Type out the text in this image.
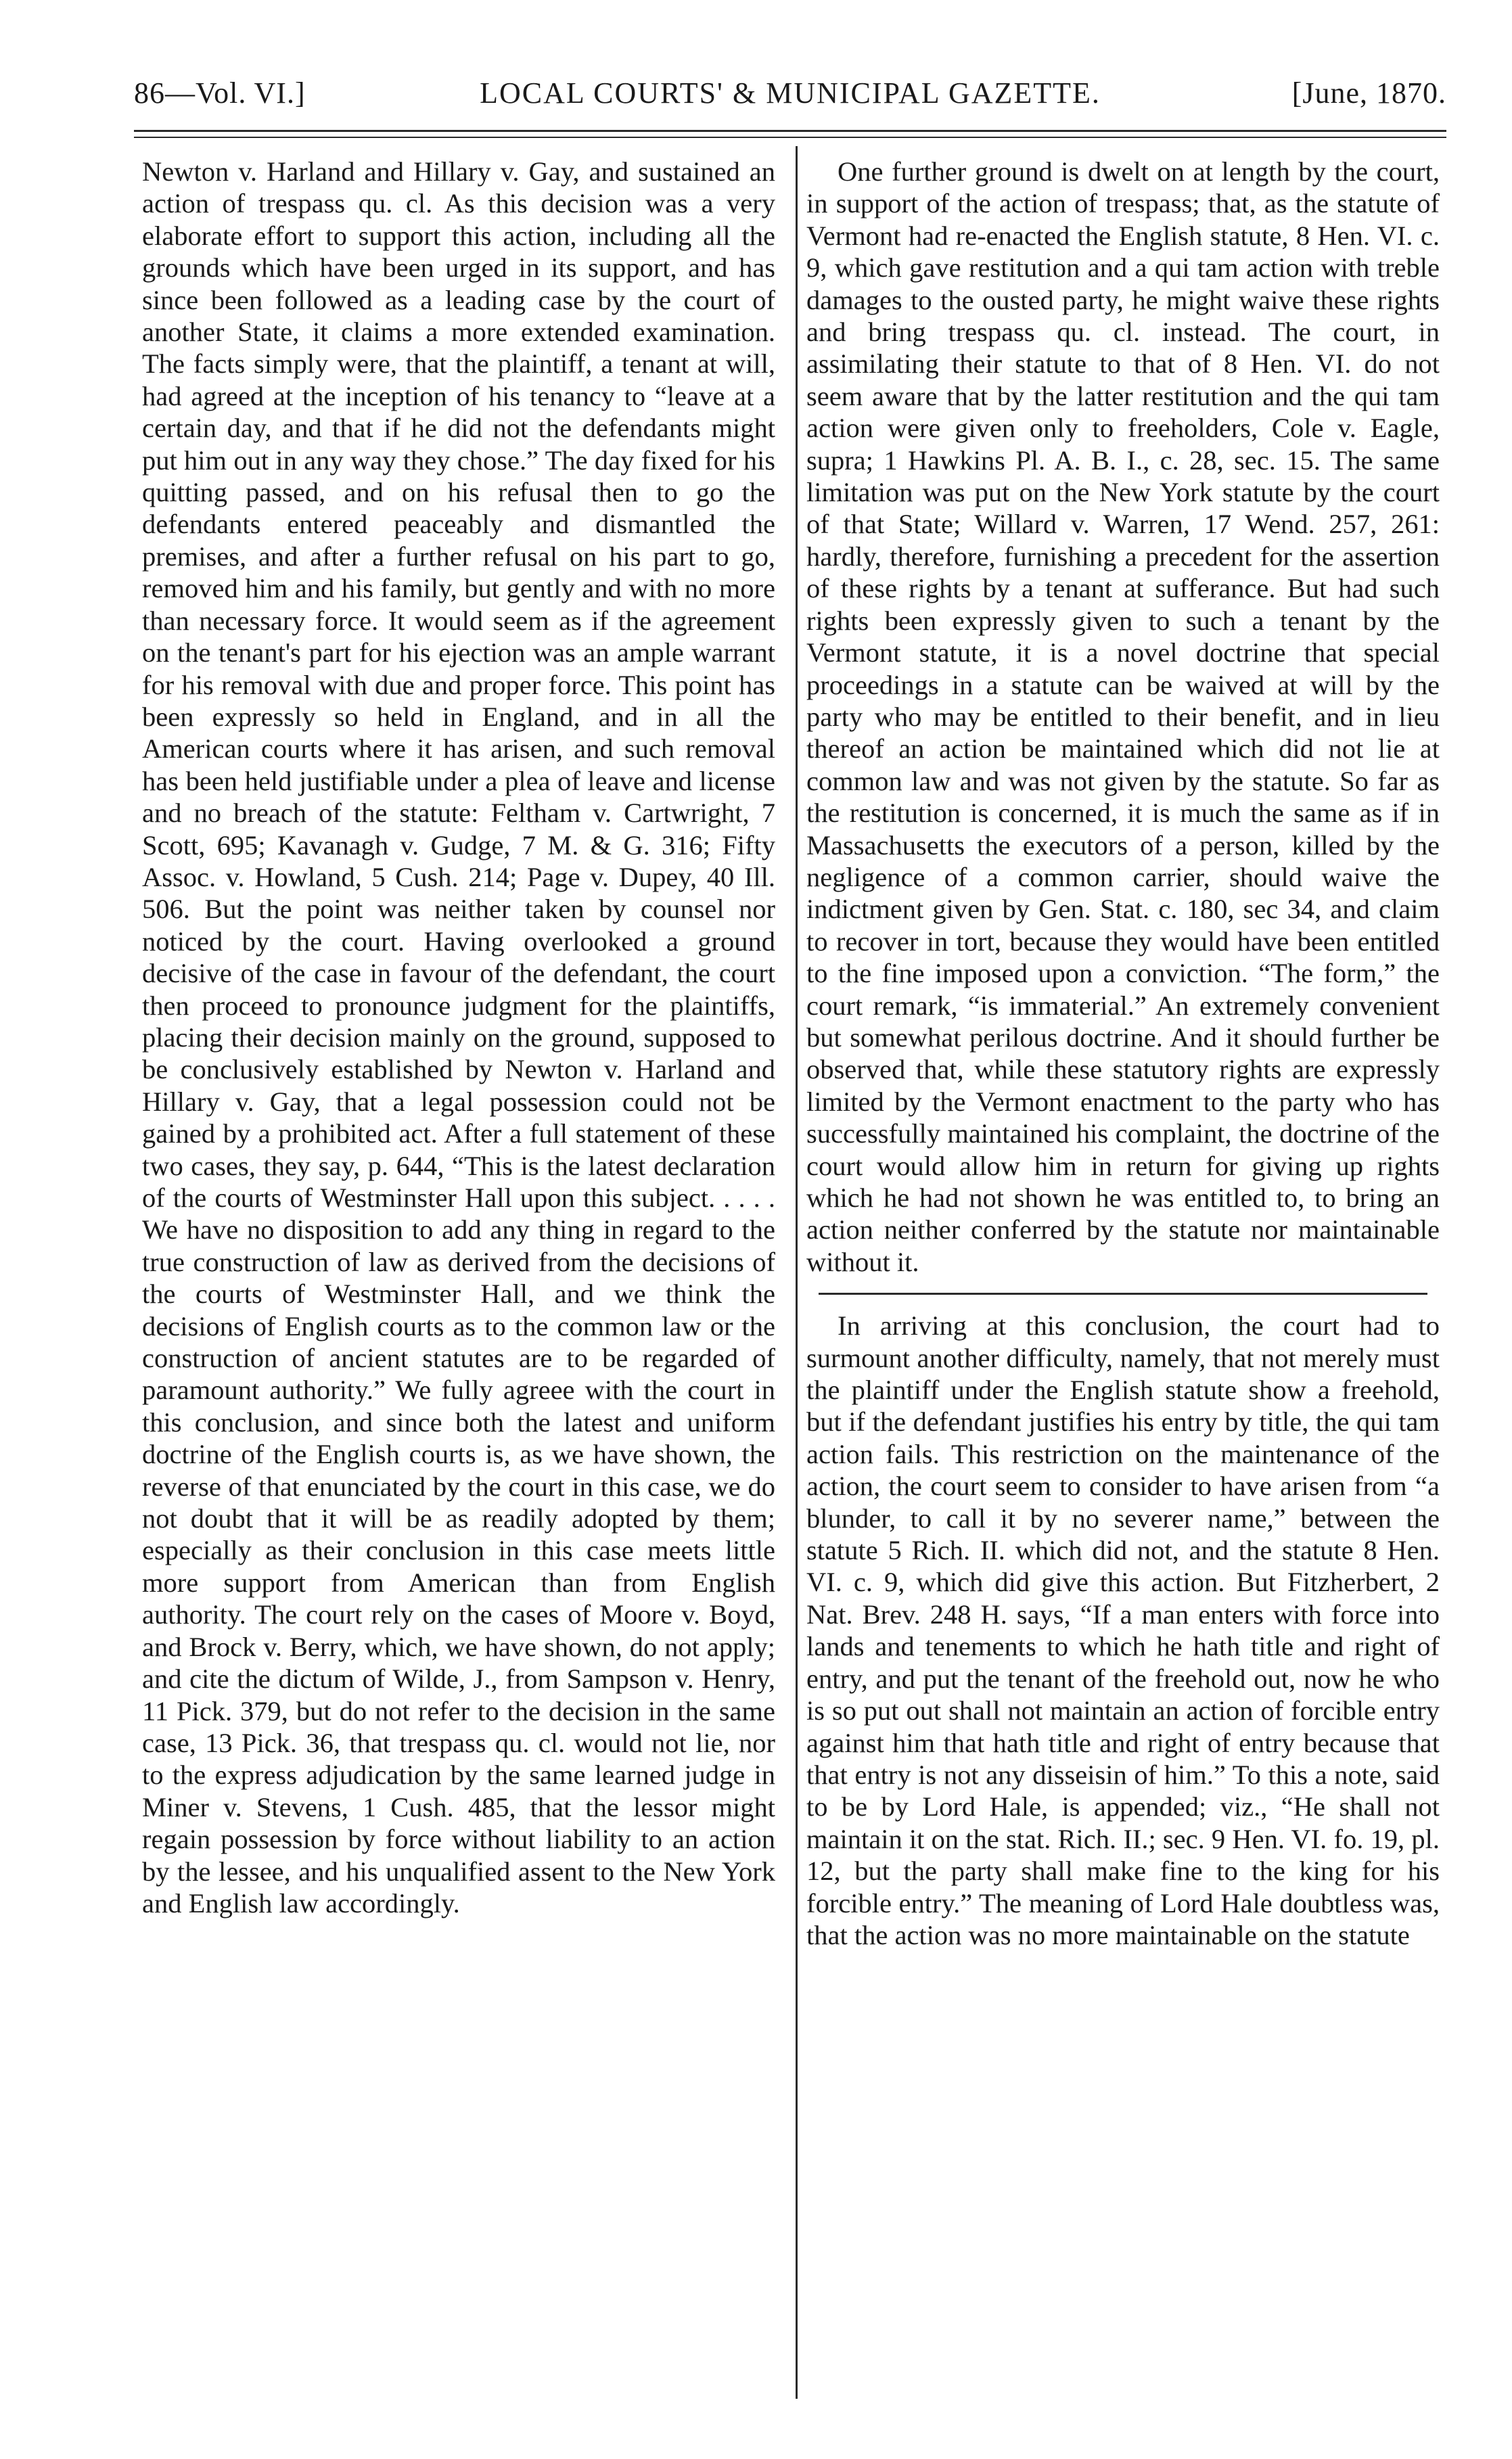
86—Vol. VI.]	LOCAL COURTS' & MUNICIPAL GAZETTE.	[June, 1870.

Newton v. Harland and Hillary v. Gay, and sustained an action of trespass qu. cl. As this decision was a very elaborate effort to support this action, including all the grounds which have been urged in its support, and has since been followed as a leading case by the court of another State, it claims a more extended examination. The facts simply were, that the plaintiff, a tenant at will, had agreed at the inception of his tenancy to “leave at a certain day, and that if he did not the defendants might put him out in any way they chose.” The day fixed for his quitting passed, and on his refusal then to go the defendants entered peaceably and dismantled the premises, and after a further refusal on his part to go, removed him and his family, but gently and with no more than necessary force. It would seem as if the agreement on the tenant's part for his ejection was an ample warrant for his removal with due and proper force. This point has been expressly so held in England, and in all the American courts where it has arisen, and such removal has been held justifiable under a plea of leave and license and no breach of the statute: Feltham v. Cartwright, 7 Scott, 695; Kavanagh v. Gudge, 7 M. & G. 316; Fifty Assoc. v. Howland, 5 Cush. 214; Page v. Dupey, 40 Ill. 506. But the point was neither taken by counsel nor noticed by the court. Having overlooked a ground decisive of the case in favour of the defendant, the court then proceed to pronounce judgment for the plaintiffs, placing their decision mainly on the ground, supposed to be conclusively established by Newton v. Harland and Hillary v. Gay, that a legal possession could not be gained by a prohibited act. After a full statement of these two cases, they say, p. 644, “This is the latest declaration of the courts of Westminster Hall upon this subject. . . . . We have no disposition to add any thing in regard to the true construction of law as derived from the decisions of the courts of Westminster Hall, and we think the decisions of English courts as to the common law or the construction of ancient statutes are to be regarded of paramount authority.” We fully agreee with the court in this conclusion, and since both the latest and uniform doctrine of the English courts is, as we have shown, the reverse of that enunciated by the court in this case, we do not doubt that it will be as readily adopted by them; especially as their conclusion in this case meets little more support from American than from English authority. The court rely on the cases of Moore v. Boyd, and Brock v. Berry, which, we have shown, do not apply; and cite the dictum of Wilde, J., from Sampson v. Henry, 11 Pick. 379, but do not refer to the decision in the same case, 13 Pick. 36, that trespass qu. cl. would not lie, nor to the express adjudication by the same learned judge in Miner v. Stevens, 1 Cush. 485, that the lessor might regain possession by force without liability to an action by the lessee, and his unqualified assent to the New York and English law accordingly.

One further ground is dwelt on at length by the court, in support of the action of trespass; that, as the statute of Vermont had re-enacted the English statute, 8 Hen. VI. c. 9, which gave restitution and a qui tam action with treble damages to the ousted party, he might waive these rights and bring trespass qu. cl. instead. The court, in assimilating their statute to that of 8 Hen. VI. do not seem aware that by the latter restitution and the qui tam action were given only to freeholders, Cole v. Eagle, supra; 1 Hawkins Pl. A. B. I., c. 28, sec. 15. The same limitation was put on the New York statute by the court of that State; Willard v. Warren, 17 Wend. 257, 261: hardly, therefore, furnishing a precedent for the assertion of these rights by a tenant at sufferance. But had such rights been expressly given to such a tenant by the Vermont statute, it is a novel doctrine that special proceedings in a statute can be waived at will by the party who may be entitled to their benefit, and in lieu thereof an action be maintained which did not lie at common law and was not given by the statute. So far as the restitution is concerned, it is much the same as if in Massachusetts the executors of a person, killed by the negligence of a common carrier, should waive the indictment given by Gen. Stat. c. 180, sec 34, and claim to recover in tort, because they would have been entitled to the fine imposed upon a conviction. “The form,” the court remark, “is immaterial.” An extremely convenient but somewhat perilous doctrine. And it should further be observed that, while these statutory rights are expressly limited by the Vermont enactment to the party who has successfully maintained his complaint, the doctrine of the court would allow him in return for giving up rights which he had not shown he was entitled to, to bring an action neither conferred by the statute nor maintainable without it.

In arriving at this conclusion, the court had to surmount another difficulty, namely, that not merely must the plaintiff under the English statute show a freehold, but if the defendant justifies his entry by title, the qui tam action fails. This restriction on the maintenance of the action, the court seem to consider to have arisen from “a blunder, to call it by no severer name,” between the statute 5 Rich. II. which did not, and the statute 8 Hen. VI. c. 9, which did give this action. But Fitzherbert, 2 Nat. Brev. 248 H. says, “If a man enters with force into lands and tenements to which he hath title and right of entry, and put the tenant of the freehold out, now he who is so put out shall not maintain an action of forcible entry against him that hath title and right of entry because that that entry is not any disseisin of him.” To this a note, said to be by Lord Hale, is appended; viz., “He shall not maintain it on the stat. Rich. II.; sec. 9 Hen. VI. fo. 19, pl. 12, but the party shall make fine to the king for his forcible entry.” The meaning of Lord Hale doubtless was, that the action was no more maintainable on the statute
